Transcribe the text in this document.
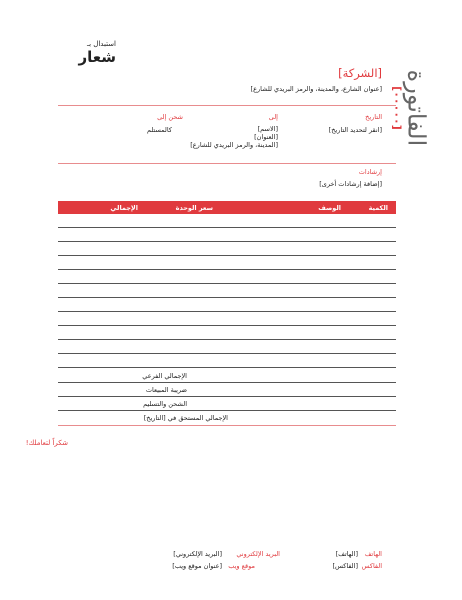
استبدال بـ
شعار
الفاتورة
[٠٠٠٠٠]
[الشركة]
[عنوان الشارع، والمدينة، والرمز البريدي للشارع]
التاريخ
[انقر لتحديد التاريخ]
إلى
[الاسم]
[العنوان]
[المدينة، والرمز البريدي للشارع]
شحن إلى
كالمستلم
إرشادات
[إضافة إرشادات أخرى]
الكمية
الوصف
سعر الوحدة
الإجمالي
الإجمالي الفرعي
ضريبة المبيعات
الشحن والتسليم
الإجمالي المستحق في [التاريخ]
شكراً لتعاملك!
الهاتف
[الهاتف]
الفاكس
[الفاكس]
البريد الإلكتروني
[البريد الإلكتروني]
موقع ويب
[عنوان موقع ويب]
